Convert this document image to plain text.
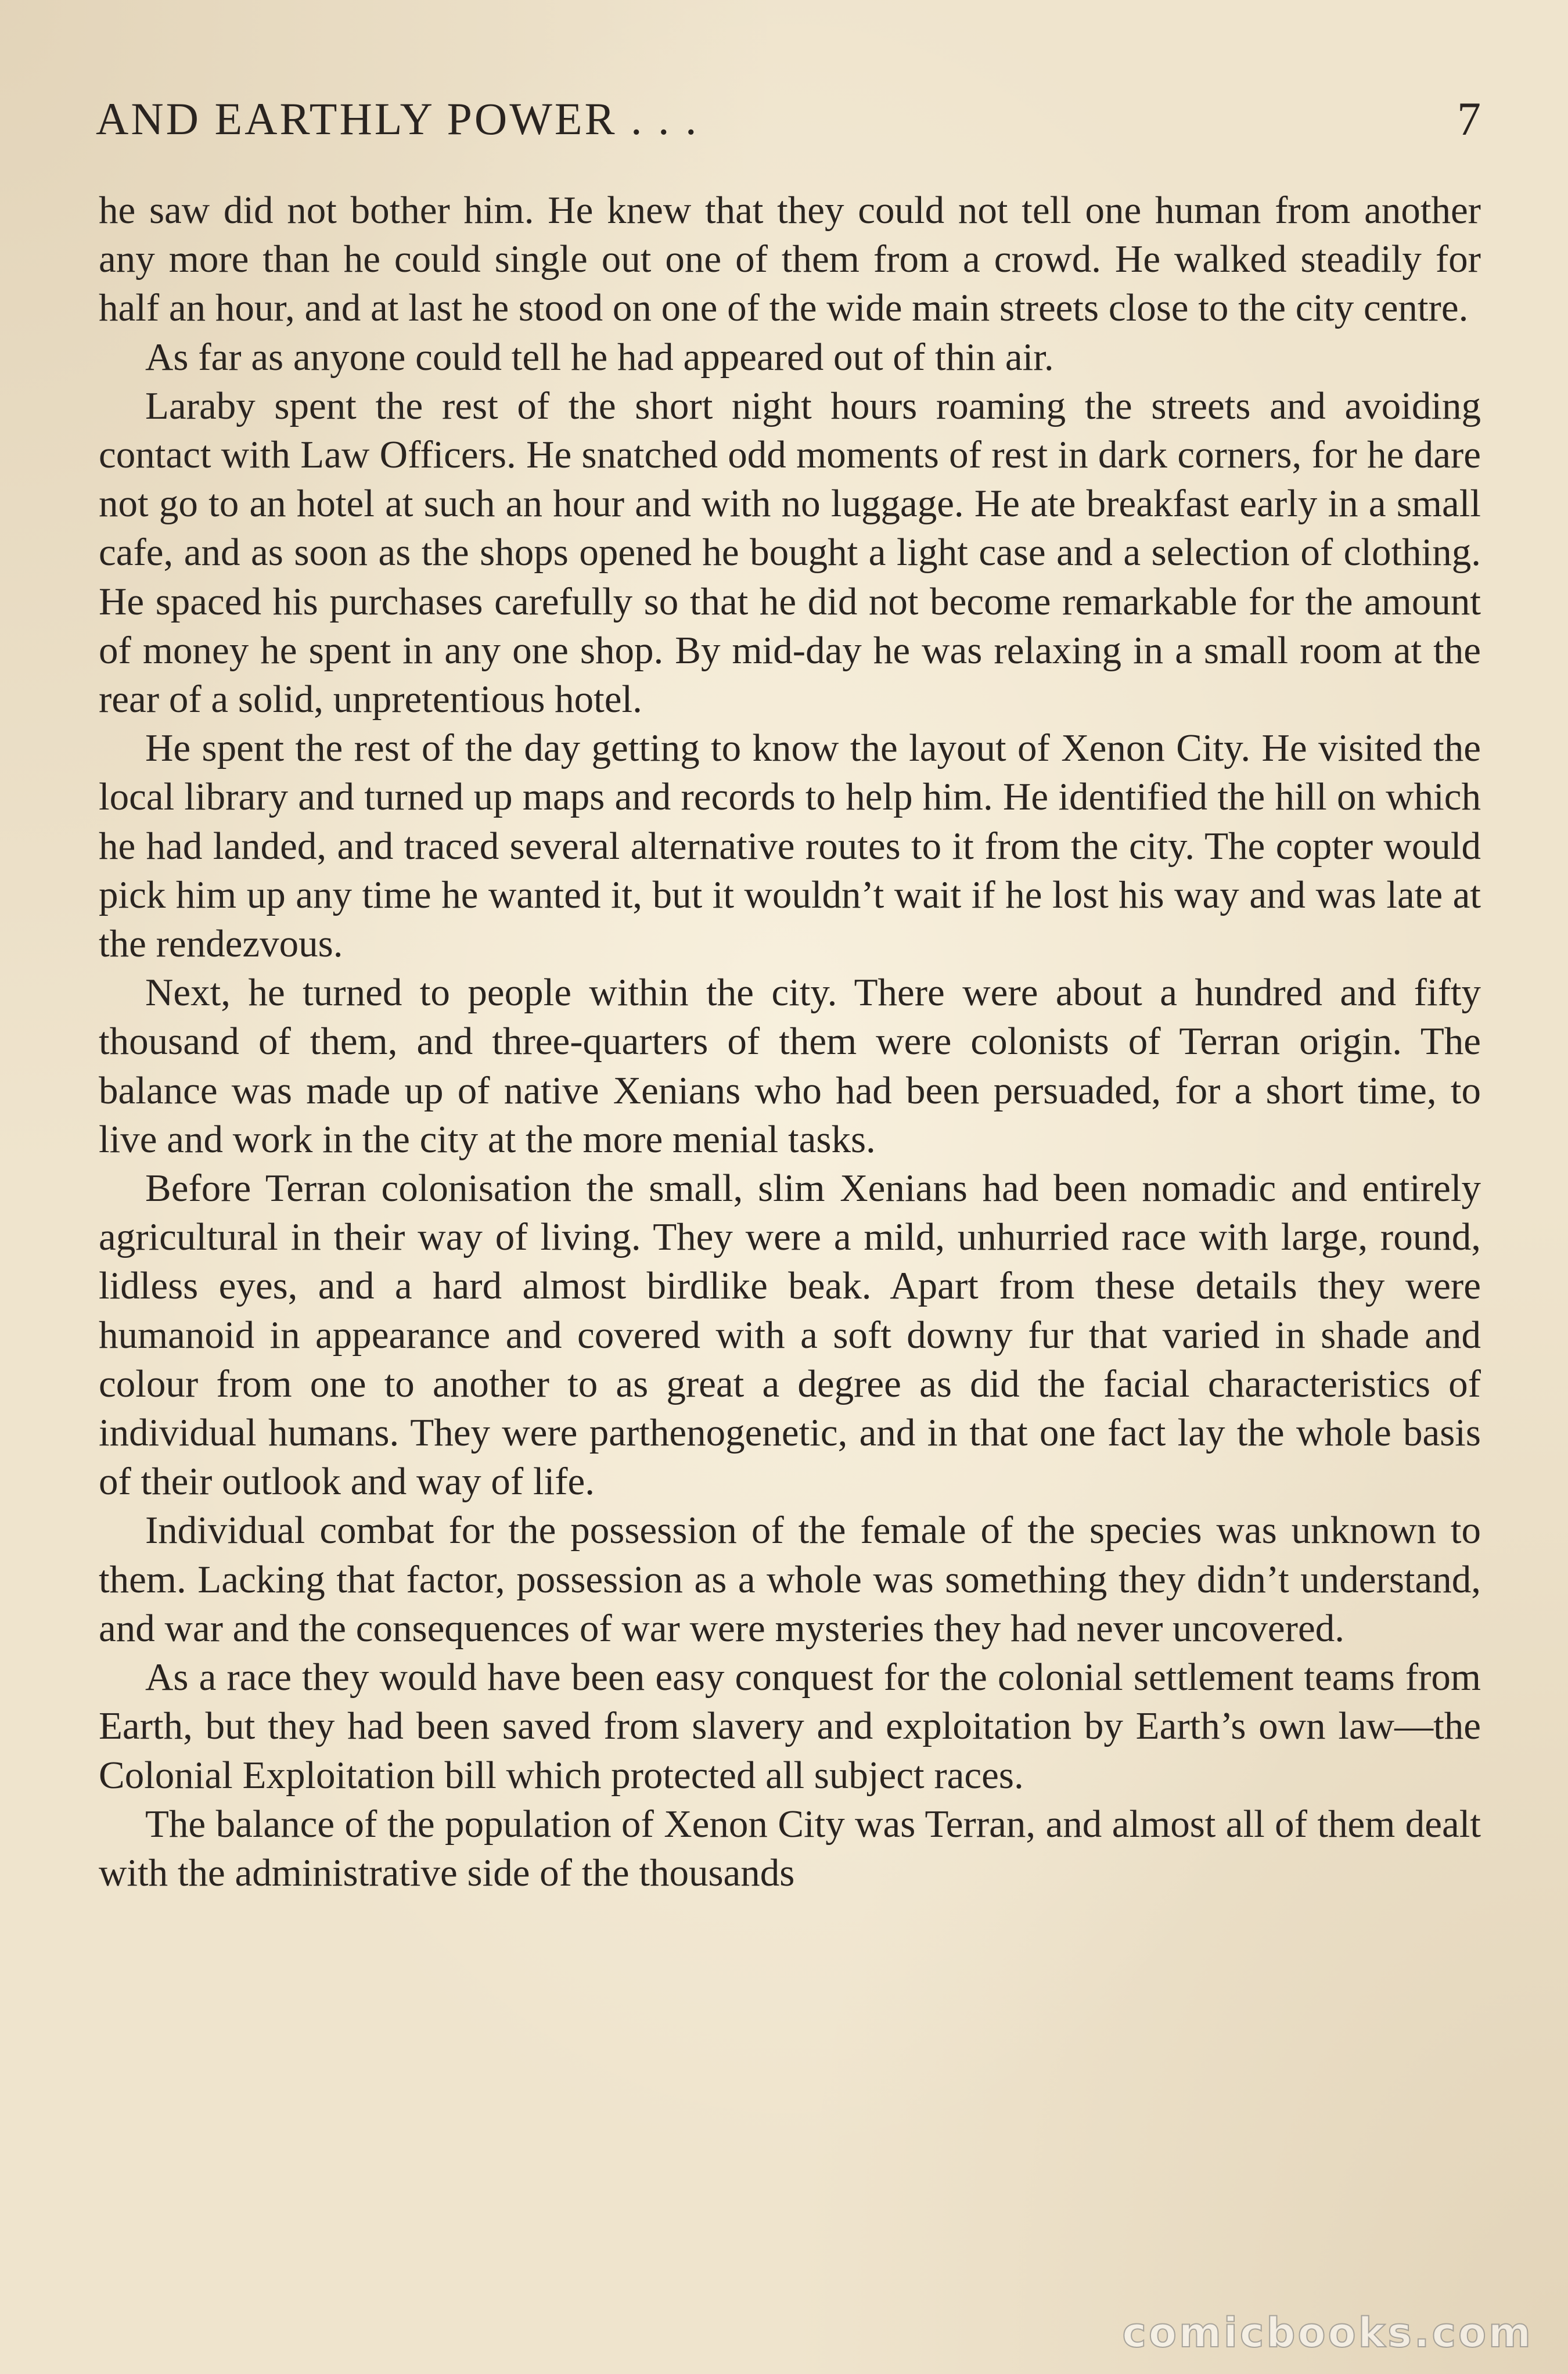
AND EARTHLY POWER . . .	7

he saw did not bother him. He knew that they could not tell one human from another any more than he could single out one of them from a crowd. He walked steadily for half an hour, and at last he stood on one of the wide main streets close to the city centre.

As far as anyone could tell he had appeared out of thin air.

Laraby spent the rest of the short night hours roaming the streets and avoiding contact with Law Officers. He snatched odd moments of rest in dark corners, for he dare not go to an hotel at such an hour and with no luggage. He ate breakfast early in a small cafe, and as soon as the shops opened he bought a light case and a selection of clothing. He spaced his purchases carefully so that he did not become remarkable for the amount of money he spent in any one shop. By mid-day he was relaxing in a small room at the rear of a solid, unpretentious hotel.

He spent the rest of the day getting to know the layout of Xenon City. He visited the local library and turned up maps and records to help him. He identified the hill on which he had landed, and traced several alternative routes to it from the city. The copter would pick him up any time he wanted it, but it wouldn’t wait if he lost his way and was late at the rendezvous.

Next, he turned to people within the city. There were about a hundred and fifty thousand of them, and three-quarters of them were colonists of Terran origin. The balance was made up of native Xenians who had been persuaded, for a short time, to live and work in the city at the more menial tasks.

Before Terran colonisation the small, slim Xenians had been nomadic and entirely agricultural in their way of living. They were a mild, unhurried race with large, round, lidless eyes, and a hard almost birdlike beak. Apart from these details they were humanoid in appearance and covered with a soft downy fur that varied in shade and colour from one to another to as great a degree as did the facial characteristics of individual humans. They were parthenogenetic, and in that one fact lay the whole basis of their outlook and way of life.

Individual combat for the possession of the female of the species was unknown to them. Lacking that factor, possession as a whole was something they didn’t understand, and war and the consequences of war were mysteries they had never uncovered.

As a race they would have been easy conquest for the colonial settlement teams from Earth, but they had been saved from slavery and exploitation by Earth’s own law—the Colonial Exploitation bill which protected all subject races.

The balance of the population of Xenon City was Terran, and almost all of them dealt with the administrative side of the thousands

comicbooks.com
